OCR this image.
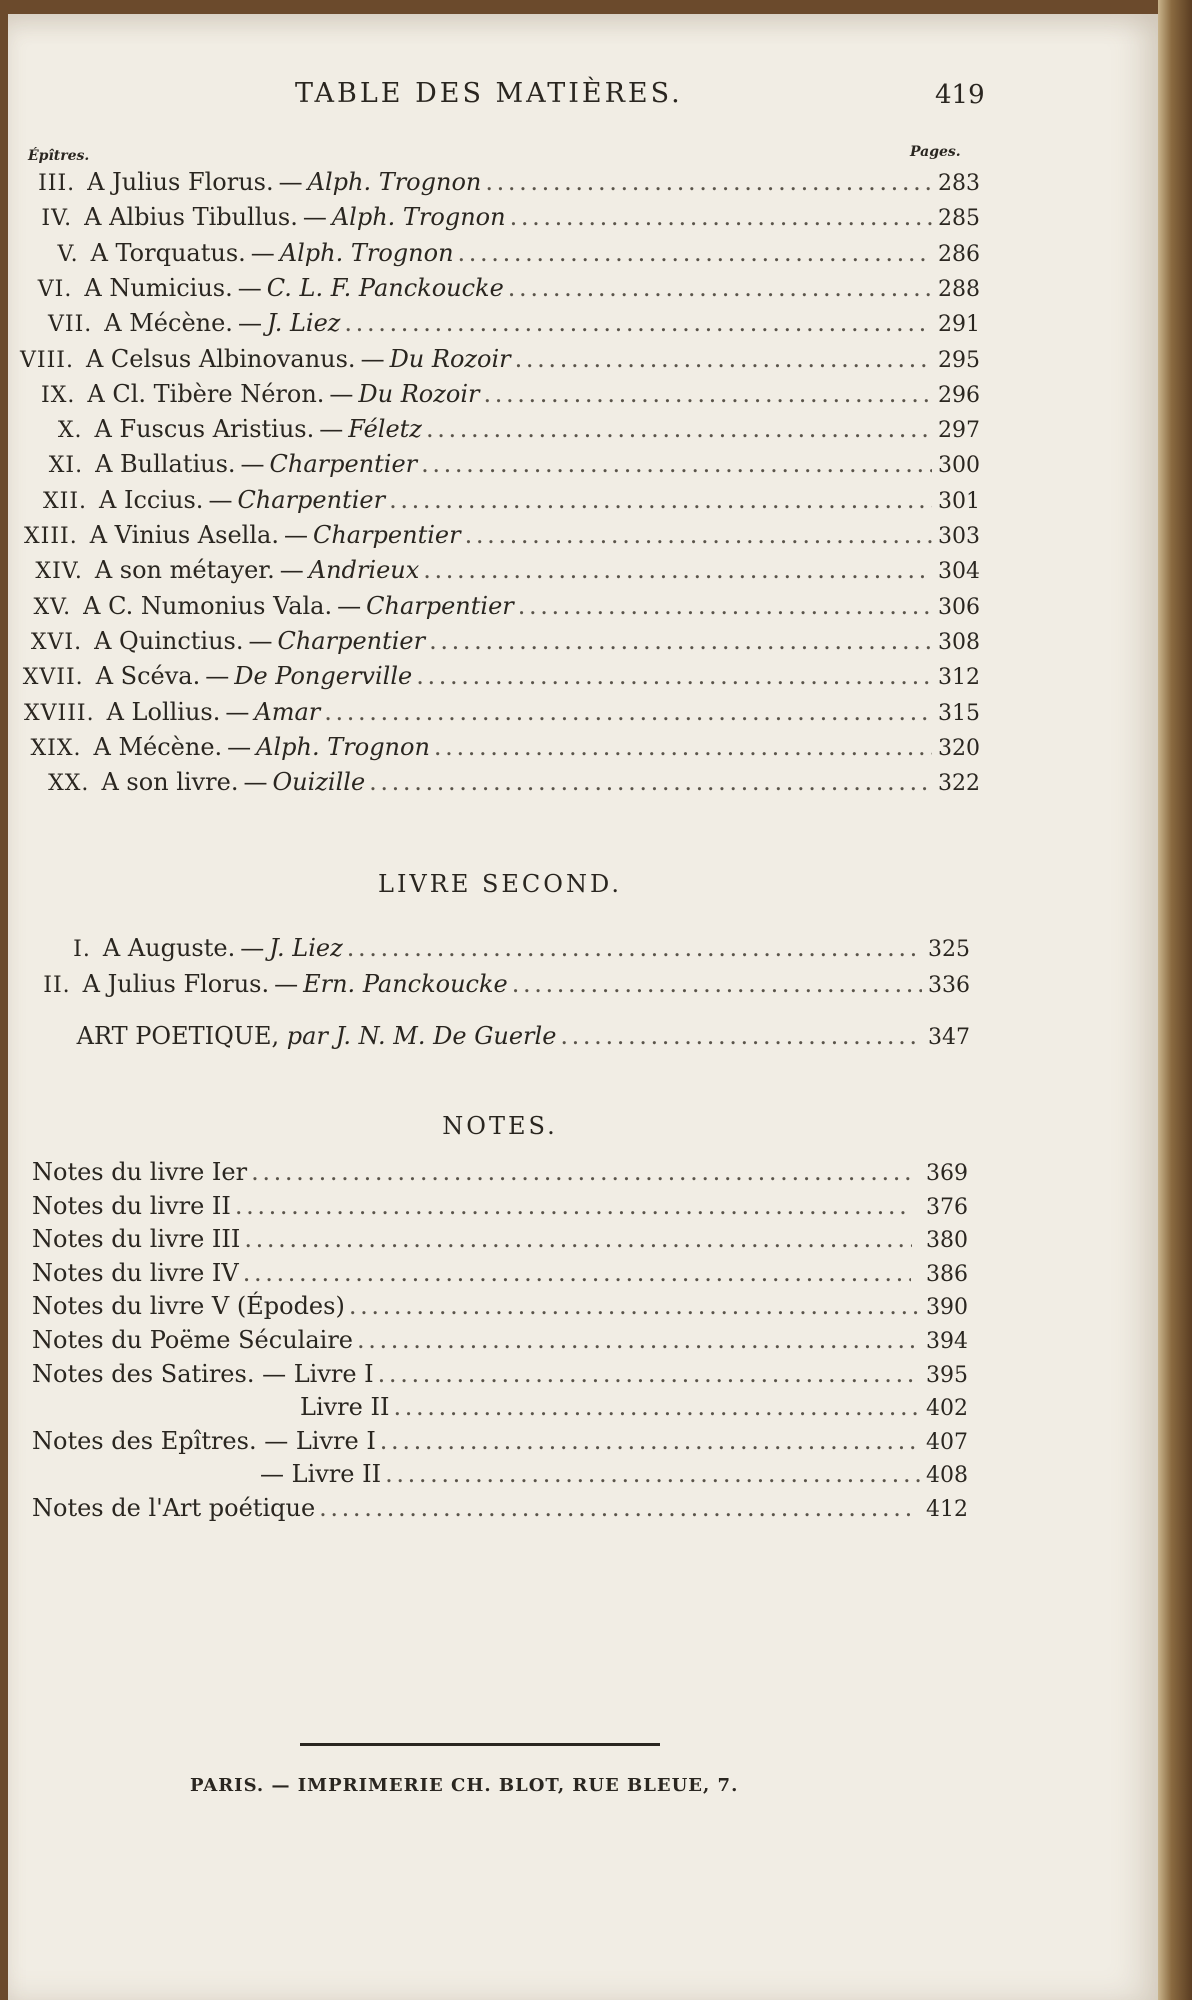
TABLE DES MATIÈRES.	419
Épîtres.	Pages.
III. A Julius Florus. — Alph. Trognon . . .	283
IV. A Albius Tibullus. — Alph. Trognon . . .	285
V. A Torquatus. — Alph. Trognon . . .	286
VI. A Numicius. — C. L. F. Panckoucke . . .	288
VII. A Mécène. — J. Liez . . .	291
VIII. A Celsus Albinovanus. — Du Rozoir . . .	295
IX. A Cl. Tibère Néron. — Du Rozoir . . .	296
X. A Fuscus Aristius. — Féletz . . .	297
XI. A Bullatius. — Charpentier . . .	300
XII. A Iccius. — Charpentier . . .	301
XIII. A Vinius Asella. — Charpentier . . .	303
XIV. A son métayer. — Andrieux . . .	304
XV. A C. Numonius Vala. — Charpentier . . .	306
XVI. A Quinctius. — Charpentier . . .	308
XVII. A Scéva. — De Pongerville . . .	312
XVIII. A Lollius. — Amar . . .	315
XIX. A Mécène. — Alph. Trognon . . .	320
XX. A son livre. — Ouizille . . .	322
LIVRE SECOND.
I. A Auguste. — J. Liez . . .	325
II. A Julius Florus. — Ern. Panckoucke . . .	336
ART POETIQUE,
par J. N. M. De Guerle . . .	347
NOTES.
Notes du livre Ier . . .	369
Notes du livre II . . .	376
Notes du livre III . . .	380
Notes du livre IV . . .	386
Notes du livre V (Épodes) . . .	390
Notes du Poëme Séculaire . . .	394
Notes des Satires. — Livre I . . .	395
Livre II . . .	402
Notes des Epîtres. — Livre I . . .	407
— Livre II . . .	408
Notes de l'Art poétique . . .	412
PARIS. — IMPRIMERIE CH. BLOT, RUE BLEUE, 7.
